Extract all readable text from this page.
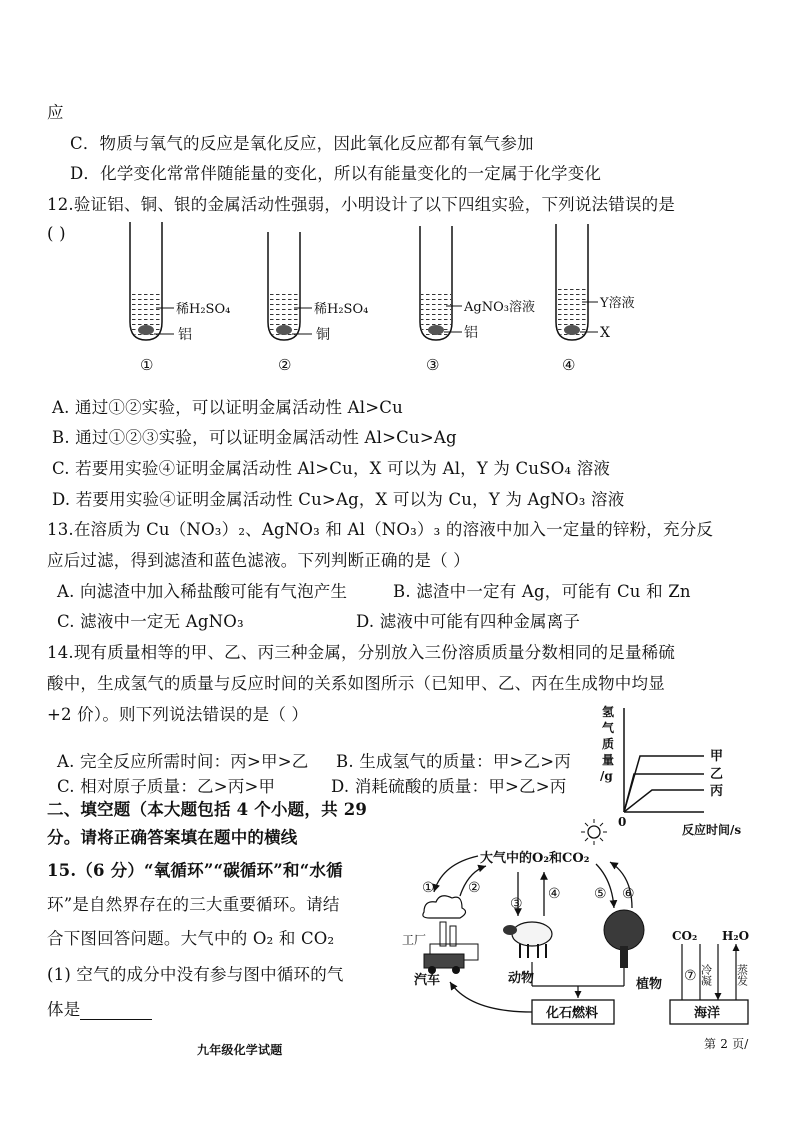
应
C．物质与氧气的反应是氧化反应，因此氧化反应都有氧气参加
D．化学变化常常伴随能量的变化，所以有能量变化的一定属于化学变化
12.验证铝、铜、银的金属活动性强弱，小明设计了以下四组实验，下列说法错误的是
( )
稀H₂SO₄
铝
①
稀H₂SO₄
铜
②
AgNO₃溶液
铝
③
Y溶液
X
④
A. 通过①②实验，可以证明金属活动性 Al>Cu
B. 通过①②③实验，可以证明金属活动性 Al>Cu>Ag
C. 若要用实验④证明金属活动性 Al>Cu，X 可以为 Al，Y 为 CuSO₄ 溶液
D. 若要用实验④证明金属活动性 Cu>Ag，X 可以为 Cu，Y 为 AgNO₃ 溶液
13.在溶质为 Cu（NO₃）₂、AgNO₃ 和 Al（NO₃）₃ 的溶液中加入一定量的锌粉，充分反
应后过滤，得到滤渣和蓝色滤液。下列判断正确的是（ ）
A. 向滤渣中加入稀盐酸可能有气泡产生	B. 滤渣中一定有 Ag，可能有 Cu 和 Zn
C. 滤液中一定无 AgNO₃	D. 滤液中可能有四种金属离子
14.现有质量相等的甲、乙、丙三种金属，分别放入三份溶质质量分数相同的足量稀硫
酸中，生成氢气的质量与反应时间的关系如图所示（已知甲、乙、丙在生成物中均显
+2 价）。则下列说法错误的是（ ）
A. 完全反应所需时间：丙>甲>乙 B. 生成氢气的质量：甲>乙>丙
C. 相对原子质量：乙>丙>甲	D. 消耗硫酸的质量：甲>乙>丙
氢
气
质
量
/g
甲
乙
丙
0
反应时间/s
二、填空题（本大题包括 4 个小题，共 29
分。请将正确答案填在题中的横线
15.（6 分）“氧循环”“碳循环”和“水循
环”是自然界存在的三大重要循环。请结
合下图回答问题。大气中的 O₂ 和 CO₂
(1) 空气的成分中没有参与图中循环的气
体是
大气中的O₂和CO₂
① ②
③
④ ⑤ ⑥
工厂
汽车	动物	植物
化石燃料	海洋
CO₂ H₂O
⑦ 冷凝 蒸发
九年级化学试题	第 2 页/
